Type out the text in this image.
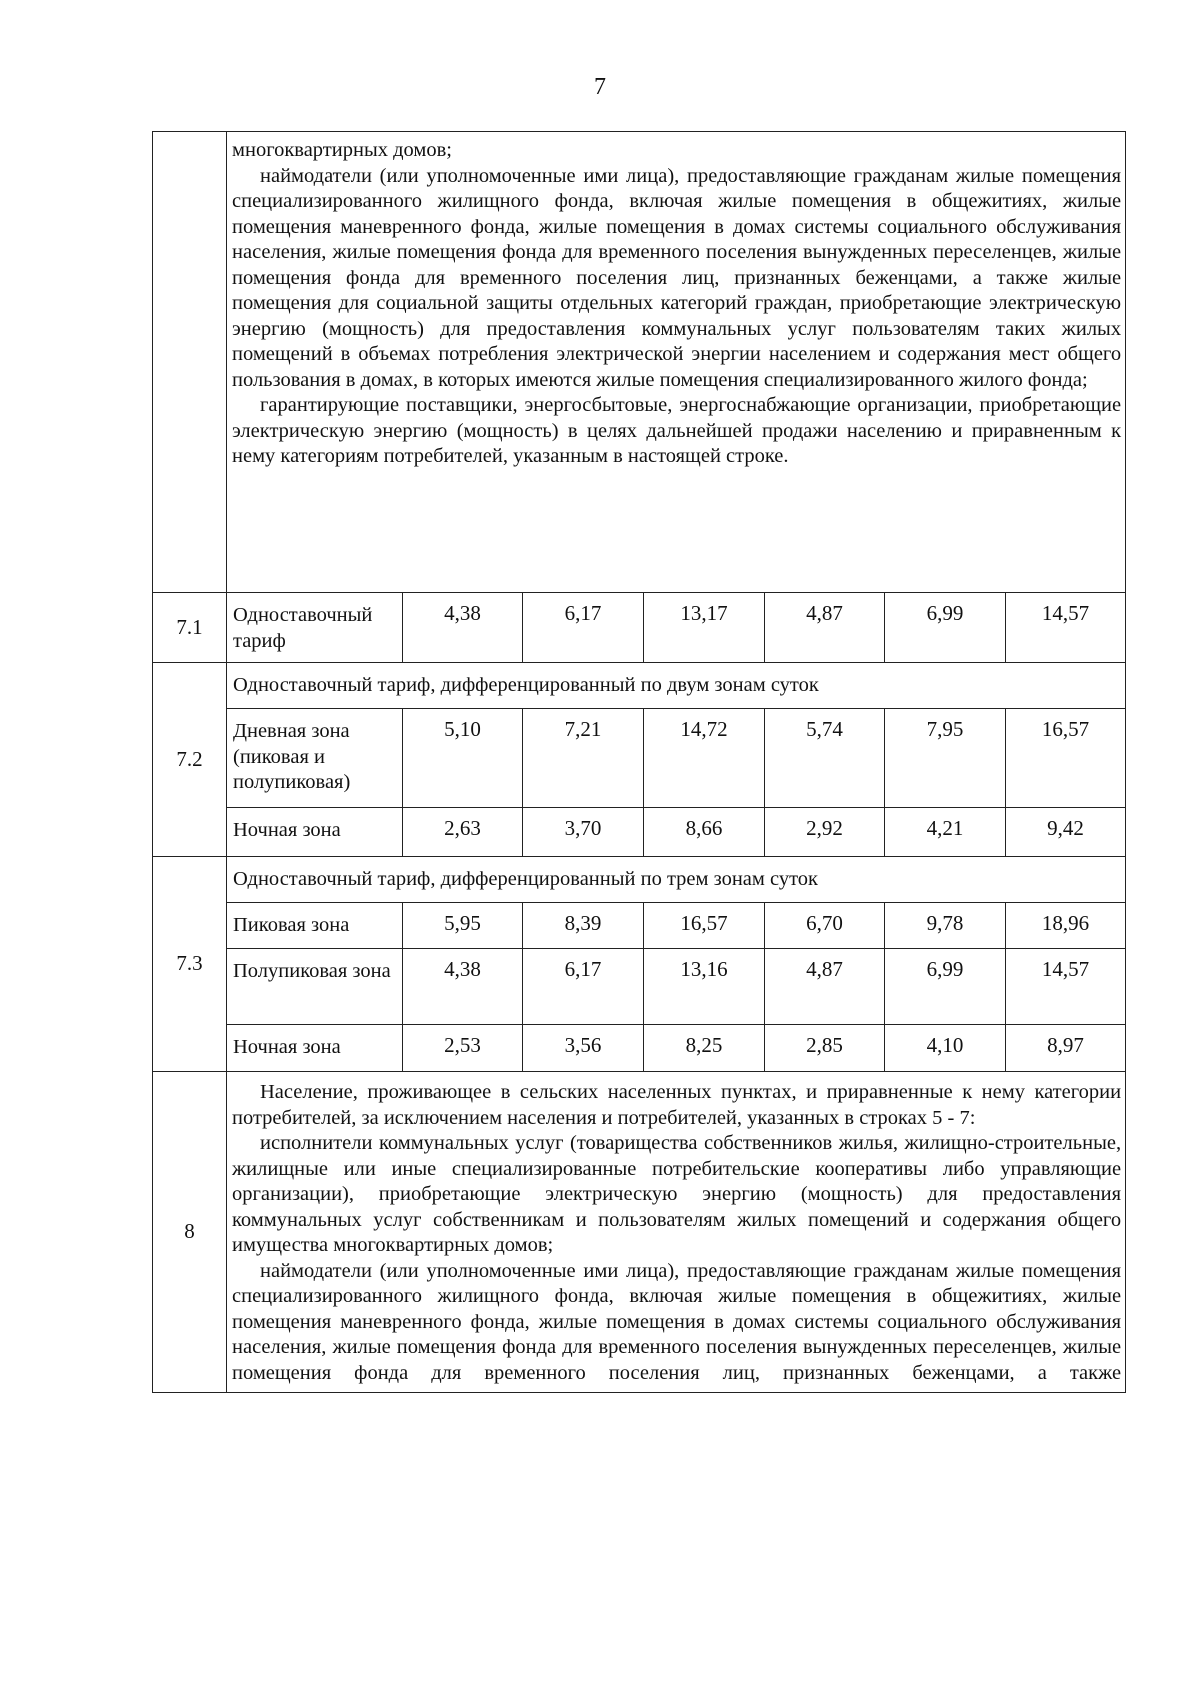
7

	многоквартирных домов;

наймодатели (или уполномоченные ими лица), предоставляющие гражданам жилые помещения специализированного жилищного фонда, включая жилые помещения в общежитиях, жилые помещения маневренного фонда, жилые помещения в домах системы социального обслуживания населения, жилые помещения фонда для временного поселения вынужденных переселенцев, жилые помещения фонда для временного поселения лиц, признанных беженцами, а также жилые помещения для социальной защиты отдельных категорий граждан, приобретающие электрическую энергию (мощность) для предоставления коммунальных услуг пользователям таких жилых помещений в объемах потребления электрической энергии населением и содержания мест общего пользования в домах, в которых имеются жилые помещения специализированного жилого фонда;

гарантирующие поставщики, энергосбытовые, энергоснабжающие организации, приобретающие электрическую энергию (мощность) в целях дальнейшей продажи населению и приравненным к нему категориям потребителей, указанным в настоящей строке.						

7.1	Одноставочный тариф	4,38	6,17	13,17	4,87	6,99	14,57
7.2	Одноставочный тариф, дифференцированный по двум зонам суток						
	Дневная зона (пиковая и полупиковая)	5,10	7,21	14,72	5,74	7,95	16,57
	Ночная зона	2,63	3,70	8,66	2,92	4,21	9,42
7.3	Одноставочный тариф, дифференцированный по трем зонам суток						
	Пиковая зона	5,95	8,39	16,57	6,70	9,78	18,96
	Полупиковая зона	4,38	6,17	13,16	4,87	6,99	14,57
	Ночная зона	2,53	3,56	8,25	2,85	4,10	8,97
8	Население, проживающее в сельских населенных пунктах, и приравненные к нему категории потребителей, за исключением населения и потребителей, указанных в строках 5 - 7:

исполнители коммунальных услуг (товарищества собственников жилья, жилищно-строительные, жилищные или иные специализированные потребительские кооперативы либо управляющие организации), приобретающие электрическую энергию (мощность) для предоставления коммунальных услуг собственникам и пользователям жилых помещений и содержания общего имущества многоквартирных домов;

наймодатели (или уполномоченные ими лица), предоставляющие гражданам жилые помещения специализированного жилищного фонда, включая жилые помещения в общежитиях, жилые помещения маневренного фонда, жилые помещения в домах системы социального обслуживания населения, жилые помещения фонда для временного поселения вынужденных переселенцев, жилые помещения фонда для временного поселения лиц, признанных беженцами, а также						
